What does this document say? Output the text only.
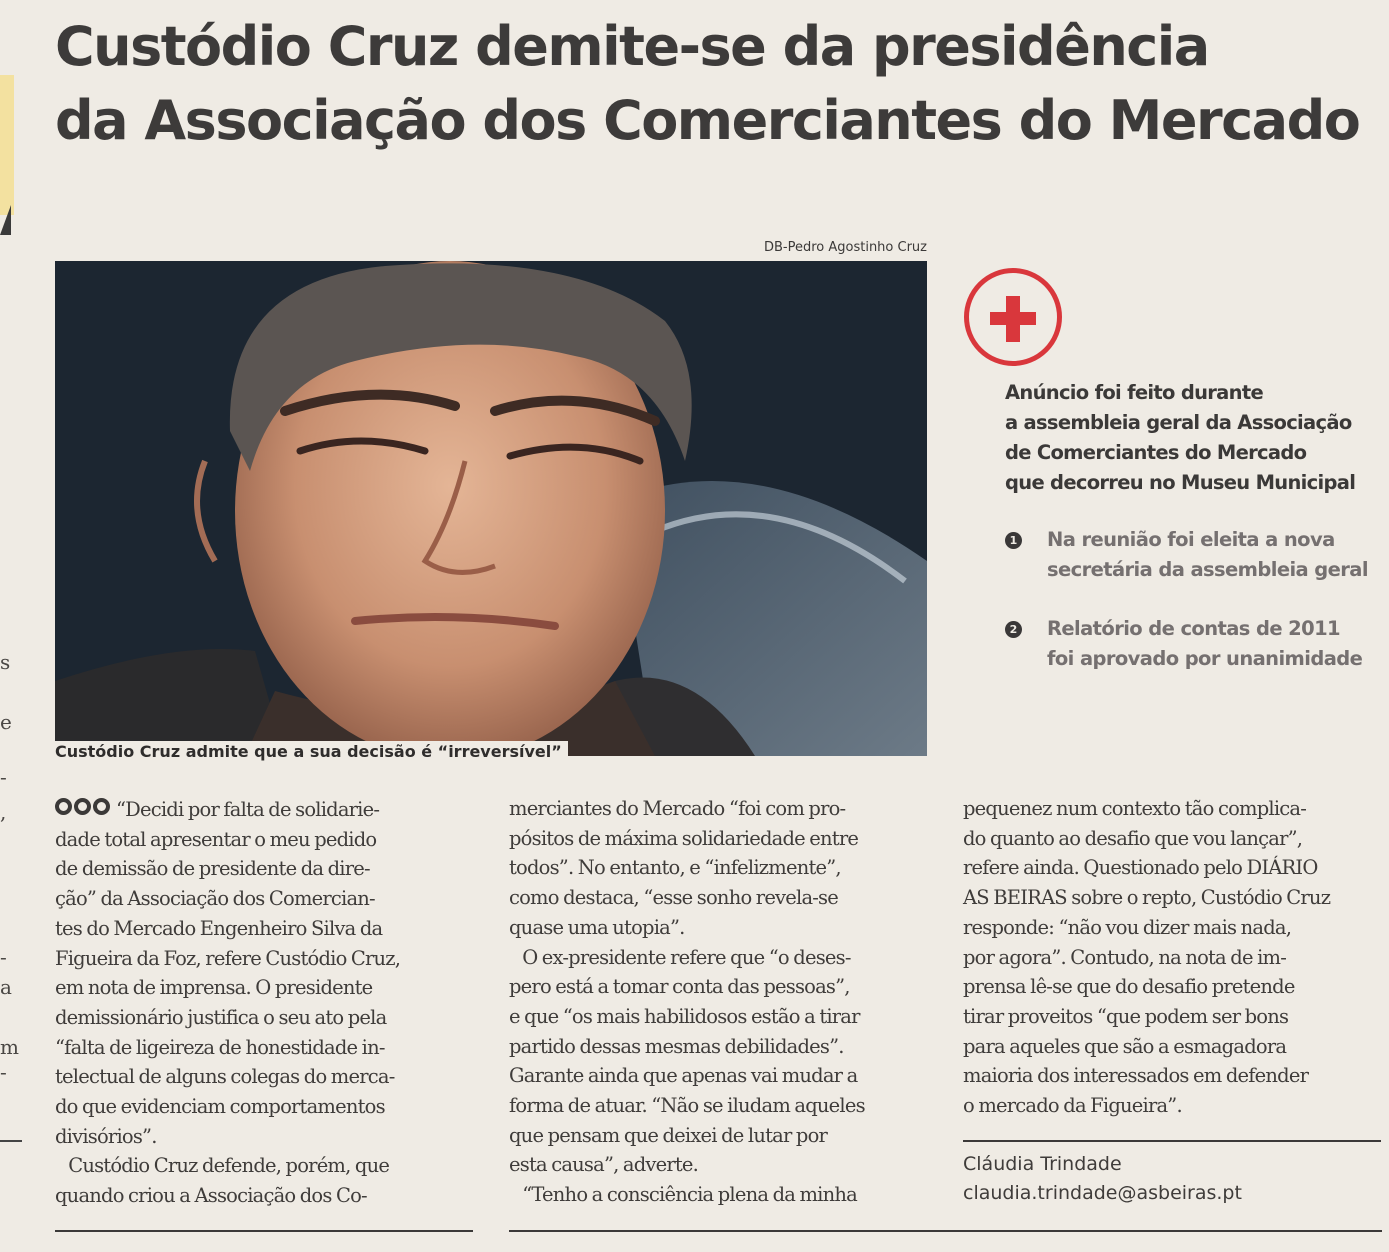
s
e
-
,
-
a
m
-
Custódio Cruz demite-se da presidência
da Associação dos Comerciantes do Mercado
DB-Pedro Agostinho Cruz
Custódio Cruz admite que a sua decisão é “irreversível”

Anúncio foi feito durante
a assembleia geral da Associação
de Comerciantes do Mercado
que decorreu no Museu Municipal

1 Na reunião foi eleita a nova
secretária da assembleia geral
2 Relatório de contas de 2011
foi aprovado por unanimidade
“Decidi por falta de solidarie-
dade total apresentar o meu pedido
de demissão de presidente da dire-
ção” da Associação dos Comercian-
tes do Mercado Engenheiro Silva da
Figueira da Foz, refere Custódio Cruz,
em nota de imprensa. O presidente
demissionário justifica o seu ato pela
“falta de ligeireza de honestidade in-
telectual de alguns colegas do merca-
do que evidenciam comportamentos
divisórios”.
Custódio Cruz defende, porém, que
quando criou a Associação dos Co-
merciantes do Mercado “foi com pro-
pósitos de máxima solidariedade entre
todos”. No entanto, e “infelizmente”,
como destaca, “esse sonho revela-se
quase uma utopia”.
O ex-presidente refere que “o deses-
pero está a tomar conta das pessoas”,
e que “os mais habilidosos estão a tirar
partido dessas mesmas debilidades”.
Garante ainda que apenas vai mudar a
forma de atuar. “Não se iludam aqueles
que pensam que deixei de lutar por
esta causa”, adverte.
“Tenho a consciência plena da minha
pequenez num contexto tão complica-
do quanto ao desafio que vou lançar”,
refere ainda. Questionado pelo DIÁRIO
AS BEIRAS sobre o repto, Custódio Cruz
responde: “não vou dizer mais nada,
por agora”. Contudo, na nota de im-
prensa lê-se que do desafio pretende
tirar proveitos “que podem ser bons
para aqueles que são a esmagadora
maioria dos interessados em defender
o mercado da Figueira”.
Cláudia Trindade
claudia.trindade@asbeiras.pt
